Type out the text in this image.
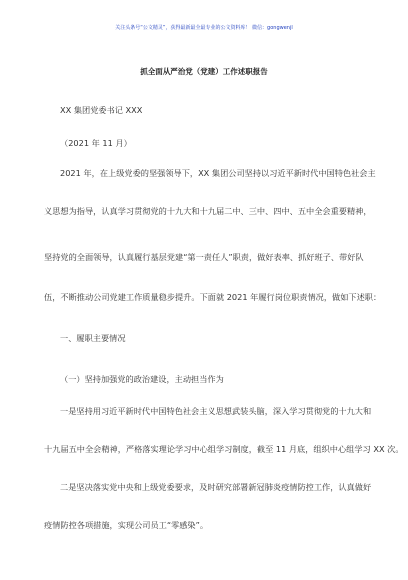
关注头条号“公文精灵”，获得最新最全最专业的公文资料库！ 微信：gongwenjl
抓全面从严治党（党建）工作述职报告
XX 集团党委书记 XXX
（2021 年 11 月）
2021 年，在上级党委的坚强领导下，XX 集团公司坚持以习近平新时代中国特色社会主
义思想为指导，认真学习贯彻党的十九大和十九届二中、三中、四中、五中全会重要精神，
坚持党的全面领导，认真履行基层党建“第一责任人”职责，做好表率、抓好班子、带好队
伍，不断推动公司党建工作质量稳步提升。下面就 2021 年履行岗位职责情况，做如下述职：
一、履职主要情况
（一）坚持加强党的政治建设，主动担当作为
一是坚持用习近平新时代中国特色社会主义思想武装头脑，深入学习贯彻党的十九大和
十九届五中全会精神，严格落实理论学习中心组学习制度，截至 11 月底，组织中心组学习 XX 次。
二是坚决落实党中央和上级党委要求，及时研究部署新冠肺炎疫情防控工作，认真做好
疫情防控各项措施，实现公司员工“零感染”。
